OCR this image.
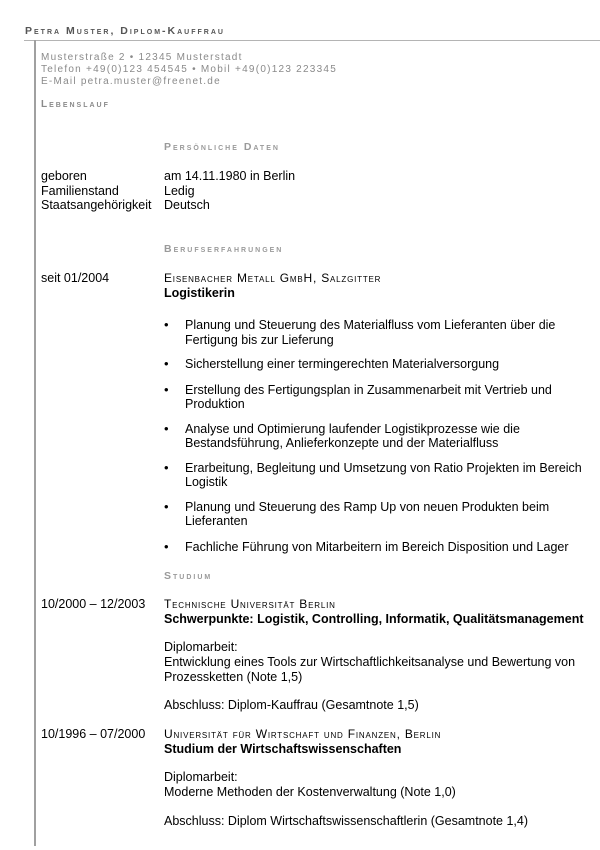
Petra Muster, Diplom-Kauffrau
Musterstraße 2 • 12345 Musterstadt
Telefon +49(0)123 454545 • Mobil +49(0)123 223345
E-Mail petra.muster@freenet.de
Lebenslauf
Persönliche Daten
geboren	am 14.11.1980 in Berlin
Familienstand	Ledig
Staatsangehörigkeit Deutsch
Berufserfahrungen
seit 01/2004	Eisenbacher Metall GmbH, Salzgitter
Logistikerin
• Planung und Steuerung des Materialfluss vom Lieferanten über die Fertigung bis zur Lieferung
• Sicherstellung einer termingerechten Materialversorgung
• Erstellung des Fertigungsplan in Zusammenarbeit mit Vertrieb und Produktion
• Analyse und Optimierung laufender Logistikprozesse wie die Bestandsführung, Anlieferkonzepte und der Materialfluss
• Erarbeitung, Begleitung und Umsetzung von Ratio Projekten im Bereich Logistik
• Planung und Steuerung des Ramp Up von neuen Produkten beim Lieferanten
• Fachliche Führung von Mitarbeitern im Bereich Disposition und Lager
Studium
10/2000 – 12/2003 Technische Universität Berlin
Schwerpunkte: Logistik, Controlling, Informatik, Qualitätsmanagement
Diplomarbeit:
Entwicklung eines Tools zur Wirtschaftlichkeitsanalyse und Bewertung von Prozessketten (Note 1,5)
Abschluss: Diplom-Kauffrau (Gesamtnote 1,5)
10/1996 – 07/2000 Universität für Wirtschaft und Finanzen, Berlin
Studium der Wirtschaftswissenschaften
Diplomarbeit:
Moderne Methoden der Kostenverwaltung (Note 1,0)
Abschluss: Diplom Wirtschaftswissenschaftlerin (Gesamtnote 1,4)
